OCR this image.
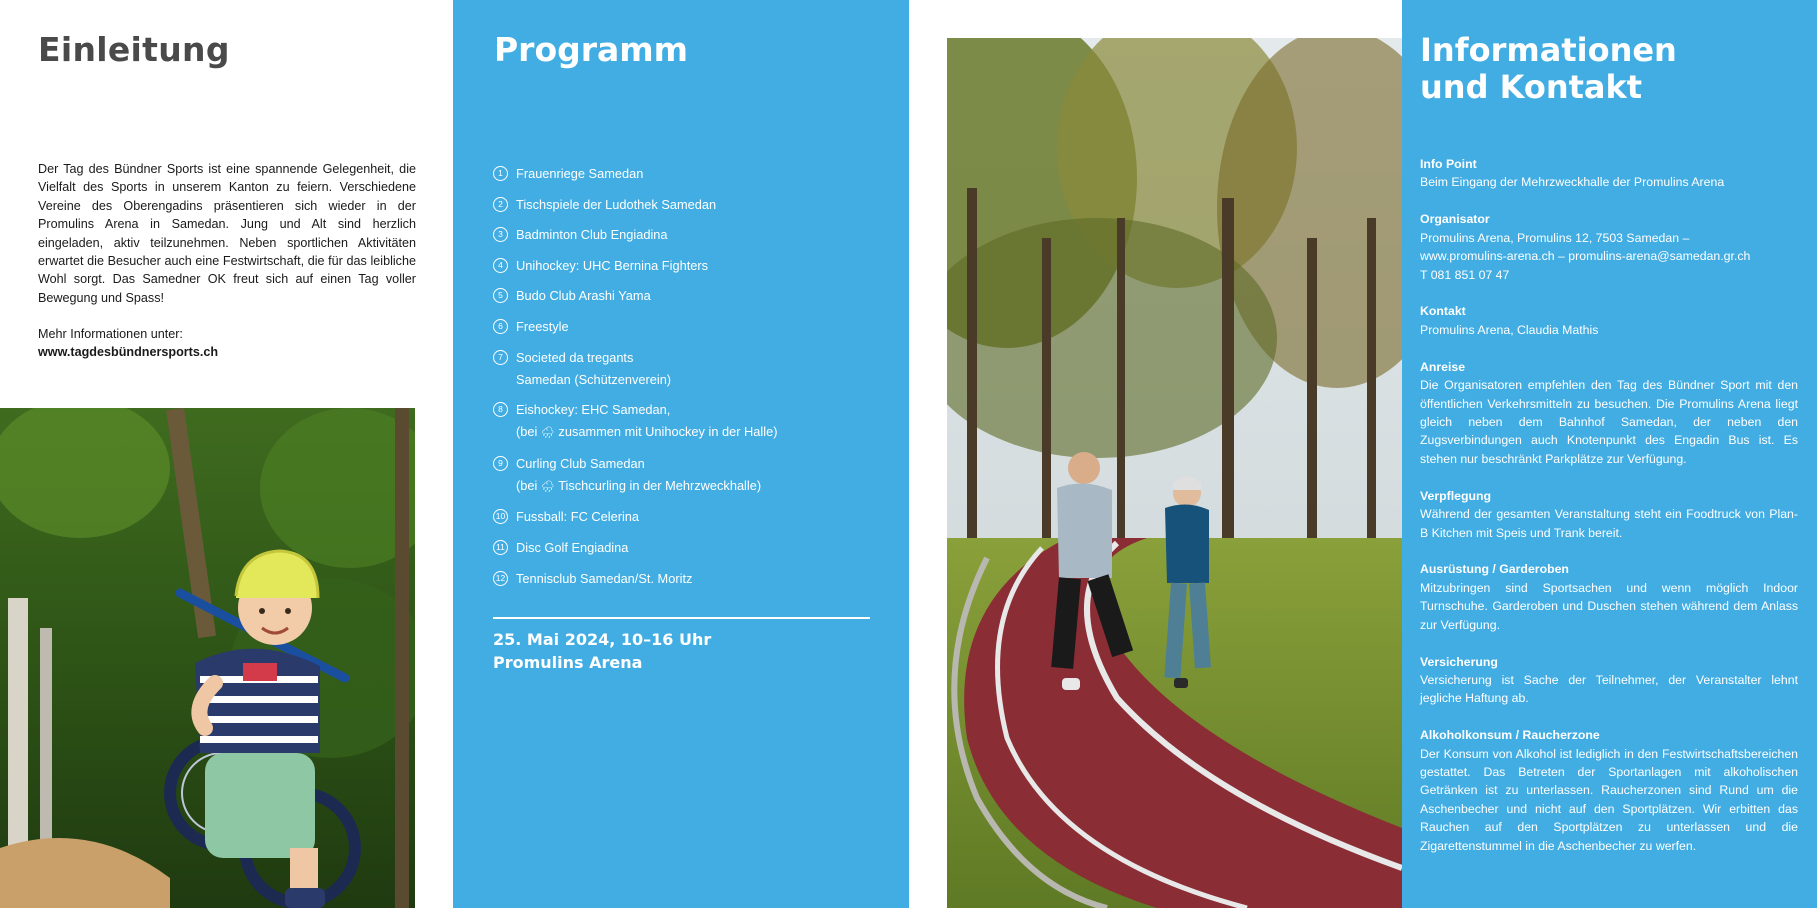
Einleitung

Der Tag des Bündner Sports ist eine spannende Gelegenheit, die Vielfalt des Sports in unserem Kanton zu feiern. Verschiedene Vereine des Oberengadins präsentieren sich wieder in der Promulins Arena in Samedan. Jung und Alt sind herzlich eingeladen, aktiv teilzunehmen. Neben sportlichen Aktivitäten erwartet die Besucher auch eine Festwirtschaft, die für das leibliche Wohl sorgt. Das Samedner OK freut sich auf einen Tag voller Bewegung und Spass!

Mehr Informationen unter:
www.tagdesbündnersports.ch
Programm
1	Frauenriege Samedan
2	Tischspiele der Ludothek Samedan
3	Badminton Club Engiadina
4	Unihockey: UHC Bernina Fighters
5	Budo Club Arashi Yama
6	Freestyle
7	Societed da tregants
Samedan (Schützenverein)
8	Eishockey: EHC Samedan,
(bei 🌧 zusammen mit Unihockey in der Halle)
9	Curling Club Samedan
(bei 🌧 Tischcurling in der Mehrzweckhalle)
10 Fussball: FC Celerina
11 Disc Golf Engiadina
12 Tennisclub Samedan/St. Moritz
25. Mai 2024, 10–16 Uhr
Promulins Arena
Informationen
und Kontakt
Info Point
Beim Eingang der Mehrzweckhalle der Promulins Arena
Organisator
Promulins Arena, Promulins 12, 7503 Samedan –
www.promulins-arena.ch – promulins-arena@samedan.gr.ch
T 081 851 07 47
Kontakt
Promulins Arena, Claudia Mathis
Anreise
Die Organisatoren empfehlen den Tag des Bündner Sport mit den öffentlichen Verkehrsmitteln zu besuchen. Die Promulins Arena liegt gleich neben dem Bahnhof Samedan, der neben den Zugsverbindungen auch Knotenpunkt des Engadin Bus ist. Es stehen nur beschränkt Parkplätze zur Verfügung.
Verpflegung
Während der gesamten Veranstaltung steht ein Foodtruck von Plan-B Kitchen mit Speis und Trank bereit.
Ausrüstung / Garderoben
Mitzubringen sind Sportsachen und wenn möglich Indoor Turnschuhe. Garderoben und Duschen stehen während dem Anlass zur Verfügung.
Versicherung
Versicherung ist Sache der Teilnehmer, der Veranstalter lehnt jegliche Haftung ab.
Alkoholkonsum / Raucherzone
Der Konsum von Alkohol ist lediglich in den Festwirtschaftsbereichen gestattet. Das Betreten der Sportanlagen mit alkoholischen Getränken ist zu unterlassen. Raucherzonen sind Rund um die Aschenbecher und nicht auf den Sportplätzen. Wir erbitten das Rauchen auf den Sportplätzen zu unterlassen und die Zigarettenstummel in die Aschenbecher zu werfen.
